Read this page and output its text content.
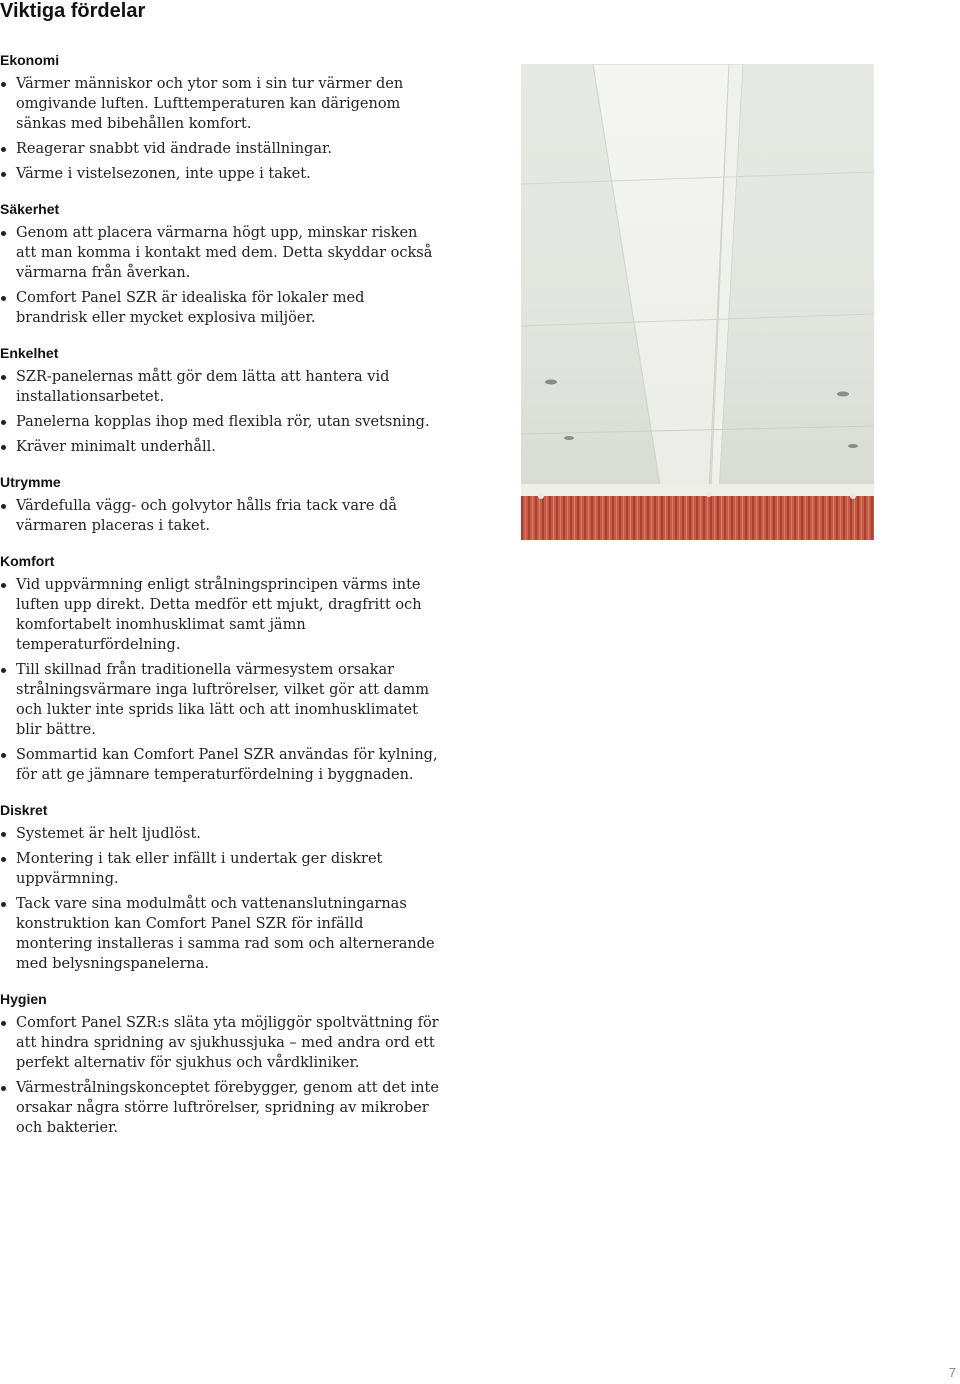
Viktiga fördelar
Ekonomi
Värmer människor och ytor som i sin tur värmer den omgivande luften. Lufttemperaturen kan därigenom sänkas med bibehållen komfort.
Reagerar snabbt vid ändrade inställningar.
Värme i vistelsezonen, inte uppe i taket.
Säkerhet
Genom att placera värmarna högt upp, minskar risken att man komma i kontakt med dem. Detta skyddar också värmarna från åverkan.
Comfort Panel SZR är idealiska för lokaler med brandrisk eller mycket explosiva miljöer.
Enkelhet
SZR-panelernas mått gör dem lätta att hantera vid installationsarbetet.
Panelerna kopplas ihop med flexibla rör, utan svetsning.
Kräver minimalt underhåll.
Utrymme
Värdefulla vägg- och golvytor hålls fria tack vare då värmaren placeras i taket.
Komfort
Vid uppvärmning enligt strålningsprincipen värms inte luften upp direkt. Detta medför ett mjukt, dragfritt och komfortabelt inomhusklimat samt jämn temperaturfördelning.
Till skillnad från traditionella värmesystem orsakar strålningsvärmare inga luftrörelser, vilket gör att damm och lukter inte sprids lika lätt och att inomhusklimatet blir bättre.
Sommartid kan Comfort Panel SZR användas för kylning, för att ge jämnare temperaturfördelning i byggnaden.
Diskret
Systemet är helt ljudlöst.
Montering i tak eller infällt i undertak ger diskret uppvärmning.
Tack vare sina modulmått och vattenanslutningarnas konstruktion kan Comfort Panel SZR för infälld montering installeras i samma rad som och alternerande med belysningspanelerna.
Hygien
Comfort Panel SZR:s släta yta möjliggör spoltvättning för att hindra spridning av sjukhussjuka – med andra ord ett perfekt alternativ för sjukhus och vårdkliniker.
Värmestrålningskonceptet förebygger, genom att det inte orsakar några större luftrörelser, spridning av mikrober och bakterier.
7
